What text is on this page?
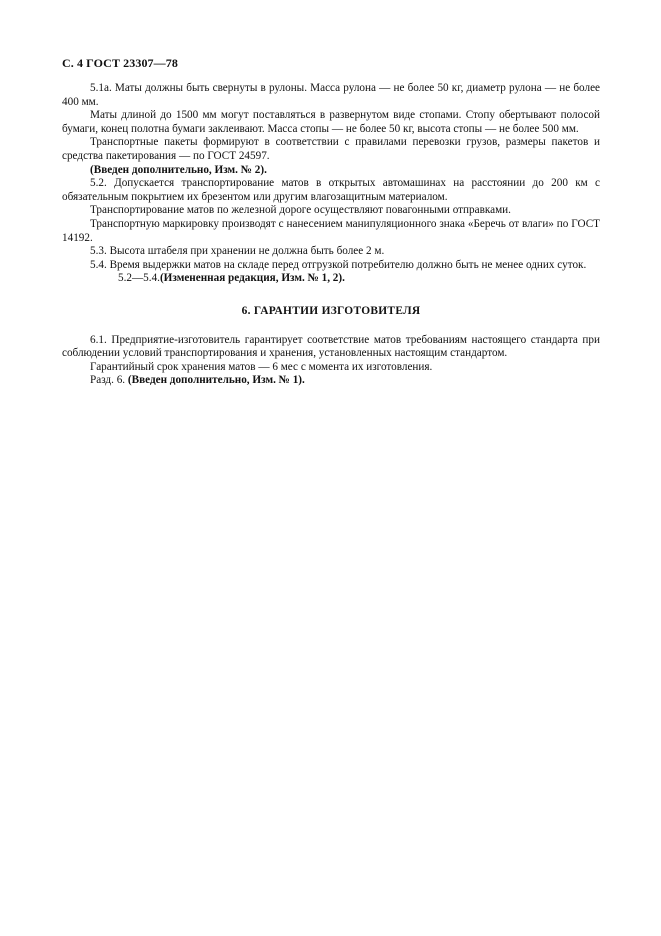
С. 4 ГОСТ 23307—78

5.1а. Маты должны быть свернуты в рулоны. Масса рулона — не более 50 кг, диаметр рулона — не более 400 мм.

Маты длиной до 1500 мм могут поставляться в развернутом виде стопами. Стопу обертывают полосой бумаги, конец полотна бумаги заклеивают. Масса стопы — не более 50 кг, высота стопы — не более 500 мм.

Транспортные пакеты формируют в соответствии с правилами перевозки грузов, размеры пакетов и средства пакетирования — по ГОСТ 24597.

(Введен дополнительно, Изм. № 2).

5.2. Допускается транспортирование матов в открытых автомашинах на расстоянии до 200 км с обязательным покрытием их брезентом или другим влагозащитным материалом.

Транспортирование матов по железной дороге осуществляют повагонными отправками.

Транспортную маркировку производят с нанесением манипуляционного знака «Беречь от влаги» по ГОСТ 14192.

5.3. Высота штабеля при хранении не должна быть более 2 м.

5.4. Время выдержки матов на складе перед отгрузкой потребителю должно быть не менее одних суток.

5.2—5.4.(Измененная редакция, Изм. № 1, 2).

6. ГАРАНТИИ ИЗГОТОВИТЕЛЯ

6.1. Предприятие-изготовитель гарантирует соответствие матов требованиям настоящего стандарта при соблюдении условий транспортирования и хранения, установленных настоящим стандартом.

Гарантийный срок хранения матов — 6 мес с момента их изготовления.

Разд. 6. (Введен дополнительно, Изм. № 1).
